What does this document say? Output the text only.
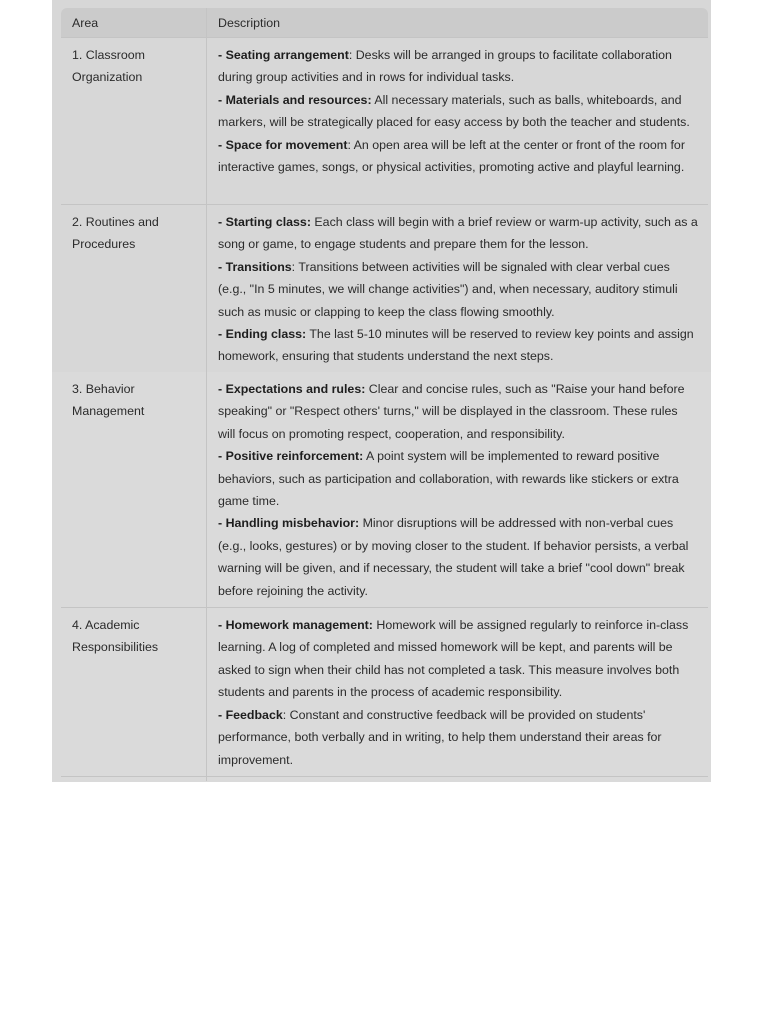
Area	Description

1. Classroom
Organization	- Seating arrangement: Desks will be arranged in groups to facilitate collaboration during group activities and in rows for individual tasks.
- Materials and resources: All necessary materials, such as balls, whiteboards, and markers, will be strategically placed for easy access by both the teacher and students.
- Space for movement: An open area will be left at the center or front of the room for interactive games, songs, or physical activities, promoting active and playful learning.

2. Routines and
Procedures	- Starting class: Each class will begin with a brief review or warm-up activity, such as a song or game, to engage students and prepare them for the lesson.
- Transitions: Transitions between activities will be signaled with clear verbal cues (e.g., "In 5 minutes, we will change activities") and, when necessary, auditory stimuli such as music or clapping to keep the class flowing smoothly.
- Ending class: The last 5-10 minutes will be reserved to review key points and assign homework, ensuring that students understand the next steps.
3. Behavior
Management	- Expectations and rules: Clear and concise rules, such as "Raise your hand before speaking" or "Respect others' turns," will be displayed in the classroom. These rules will focus on promoting respect, cooperation, and responsibility.
- Positive reinforcement: A point system will be implemented to reward positive behaviors, such as participation and collaboration, with rewards like stickers or extra game time.
- Handling misbehavior: Minor disruptions will be addressed with non-verbal cues (e.g., looks, gestures) or by moving closer to the student. If behavior persists, a verbal warning will be given, and if necessary, the student will take a brief "cool down" break before rejoining the activity.

4. Academic
Responsibilities	- Homework management: Homework will be assigned regularly to reinforce in-class learning. A log of completed and missed homework will be kept, and parents will be asked to sign when their child has not completed a task. This measure involves both students and parents in the process of academic responsibility.
- Feedback: Constant and constructive feedback will be provided on students' performance, both verbally and in writing, to help them understand their areas for improvement.
